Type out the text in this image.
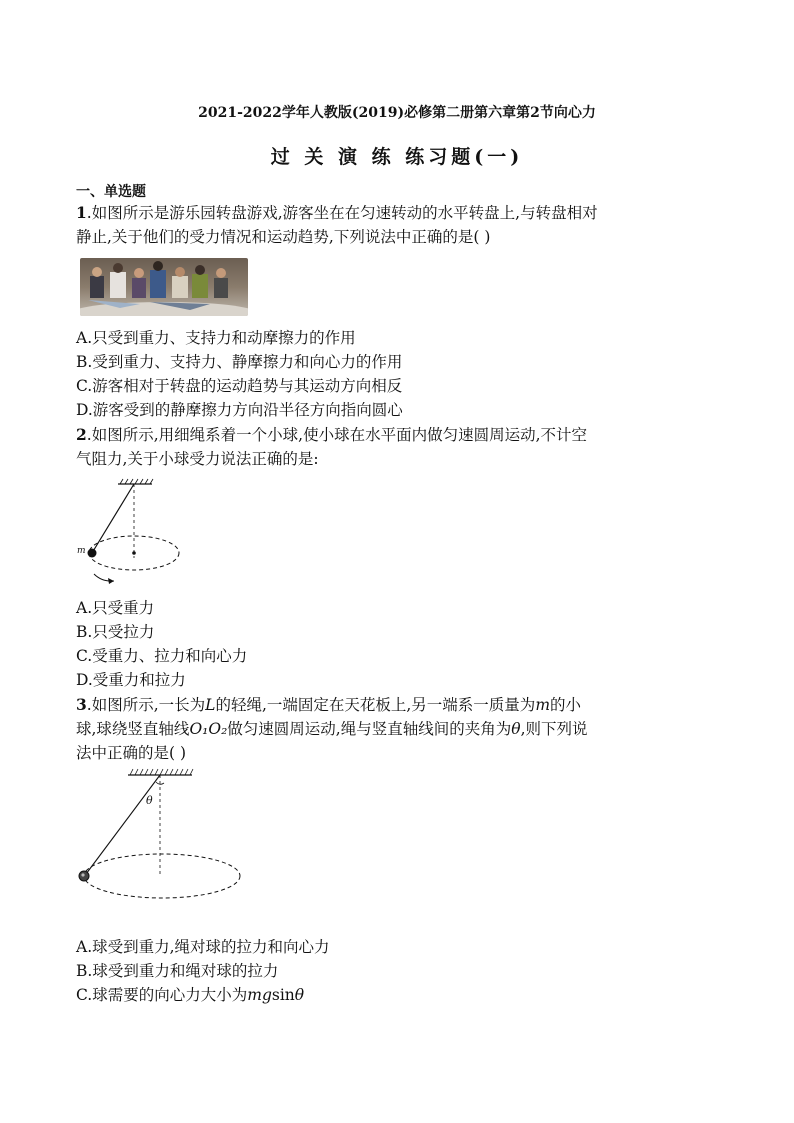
2021-2022学年人教版(2019)必修第二册第六章第2节向心力
过 关 演 练 练习题(一)
一、单选题
1.如图所示是游乐园转盘游戏,游客坐在在匀速转动的水平转盘上,与转盘相对
静止,关于他们的受力情况和运动趋势,下列说法中正确的是( )
A.只受到重力、支持力和动摩擦力的作用
B.受到重力、支持力、静摩擦力和向心力的作用
C.游客相对于转盘的运动趋势与其运动方向相反
D.游客受到的静摩擦力方向沿半径方向指向圆心
2.如图所示,用细绳系着一个小球,使小球在水平面内做匀速圆周运动,不计空
气阻力,关于小球受力说法正确的是:
m
A.只受重力
B.只受拉力
C.受重力、拉力和向心力
D.受重力和拉力
3.如图所示,一长为L的轻绳,一端固定在天花板上,另一端系一质量为m的小
球,球绕竖直轴线O₁O₂做匀速圆周运动,绳与竖直轴线间的夹角为θ,则下列说
法中正确的是( )
θ
A.球受到重力,绳对球的拉力和向心力
B.球受到重力和绳对球的拉力
C.球需要的向心力大小为mgsinθ
